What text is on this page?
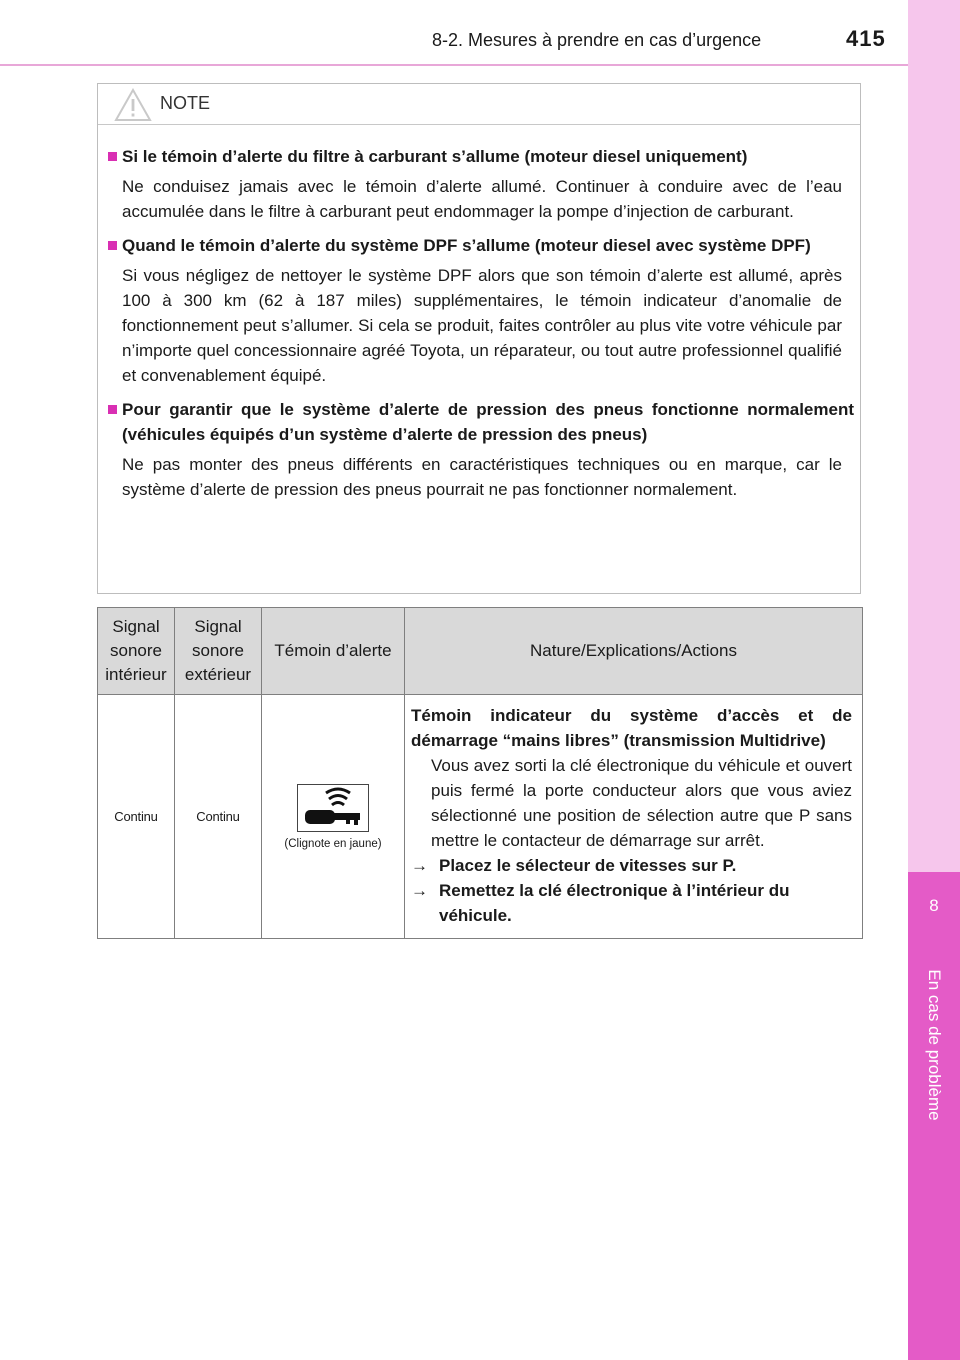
8-2. Mesures à prendre en cas d’urgence	415
8
En cas de problème
NOTE
Si le témoin d’alerte du filtre à carburant s’allume (moteur diesel uniquement)
Ne conduisez jamais avec le témoin d’alerte allumé. Continuer à conduire avec de l’eau accumulée dans le filtre à carburant peut endommager la pompe d’injection de carburant.
Quand le témoin d’alerte du système DPF s’allume (moteur diesel avec système DPF)
Si vous négligez de nettoyer le système DPF alors que son témoin d’alerte est allumé, après 100 à 300 km (62 à 187 miles) supplémentaires, le témoin indicateur d’anomalie de fonctionnement peut s’allumer. Si cela se produit, faites contrôler au plus vite votre véhicule par n’importe quel concessionnaire agréé Toyota, un réparateur, ou tout autre professionnel qualifié et convenablement équipé.
Pour garantir que le système d’alerte de pression des pneus fonctionne normalement (véhicules équipés d’un système d’alerte de pression des pneus)
Ne pas monter des pneus différents en caractéristiques techniques ou en marque, car le système d’alerte de pression des pneus pourrait ne pas fonctionner normalement.
Signal sonore intérieur	Signal sonore extérieur	Témoin d’alerte	Nature/Explications/Actions
Continu	Continu	(Clignote en jaune)	Témoin indicateur du système d’accès et de démarrage “mains libres” (transmission Multidrive)
Vous avez sorti la clé électronique du véhicule et ouvert puis fermé la porte conducteur alors que vous aviez sélectionné une position de sélection autre que P sans mettre le contacteur de démarrage sur arrêt.
→ Placez le sélecteur de vitesses sur P.
→ Remettez la clé électronique à l’intérieur du véhicule.
